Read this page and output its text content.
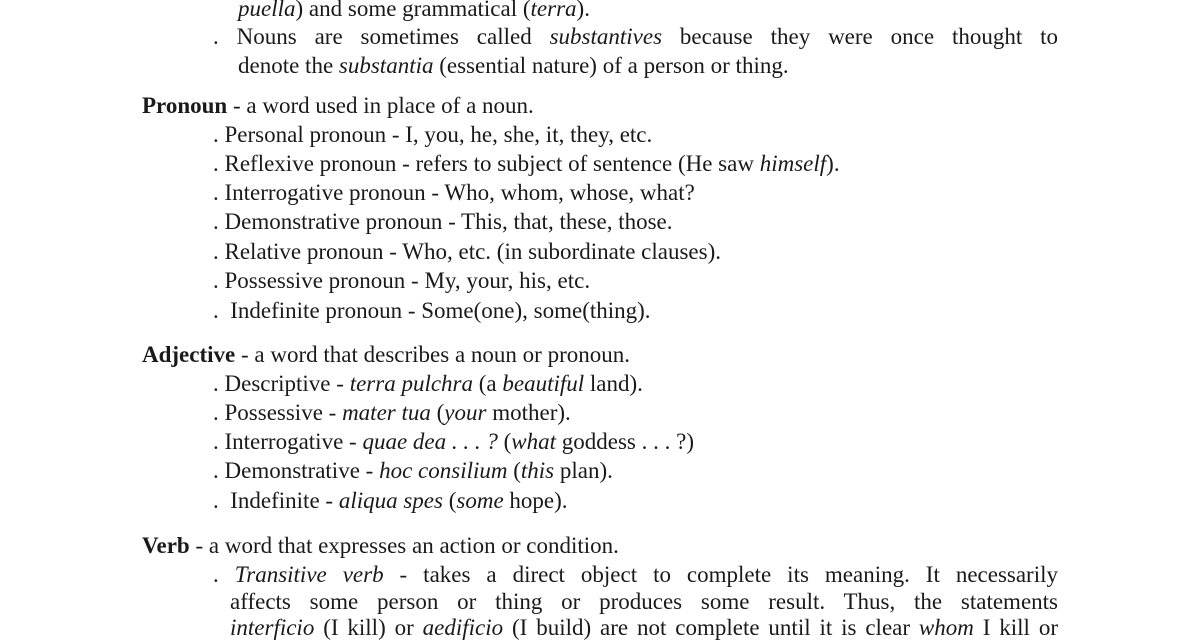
puella) and some grammatical (terra).
. Nouns are sometimes called substantives because they were once thought to
denote the substantia (essential nature) of a person or thing.
Pronoun - a word used in place of a noun.
. Personal pronoun - I, you, he, she, it, they, etc.
. Reflexive pronoun - refers to subject of sentence (He saw himself).
. Interrogative pronoun - Who, whom, whose, what?
. Demonstrative pronoun - This, that, these, those.
. Relative pronoun - Who, etc. (in subordinate clauses).
. Possessive pronoun - My, your, his, etc.
.  Indefinite pronoun - Some(one), some(thing).
Adjective - a word that describes a noun or pronoun.
. Descriptive - terra pulchra (a beautiful land).
. Possessive - mater tua (your mother).
. Interrogative - quae dea . . . ? (what goddess . . . ?)
. Demonstrative - hoc consilium (this plan).
.  Indefinite - aliqua spes (some hope).
Verb - a word that expresses an action or condition.
. Transitive verb - takes a direct object to complete its meaning. It necessarily
affects some person or thing or produces some result. Thus, the statements
interficio (I kill) or aedificio (I build) are not complete until it is clear whom I kill or
